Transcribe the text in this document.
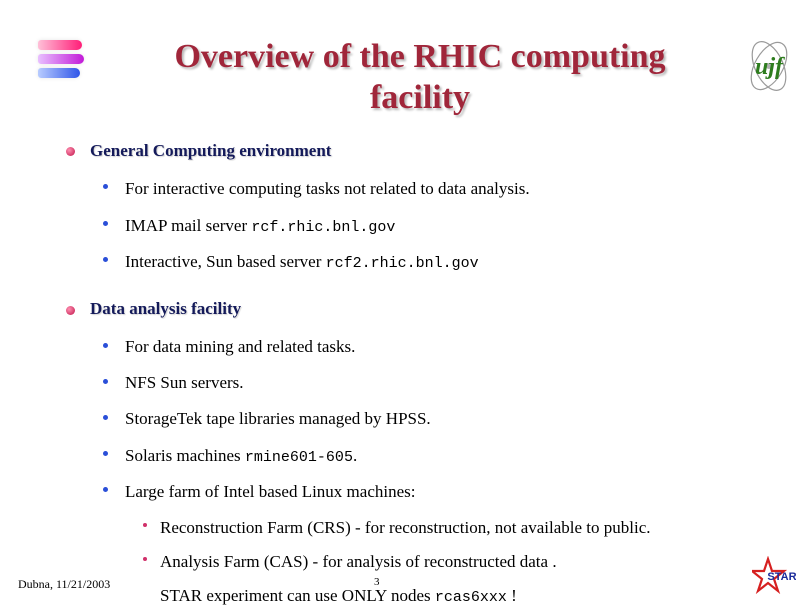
Overview of the RHIC computing
facility
ujf
General Computing environment
For interactive computing tasks not related to data analysis.
IMAP mail server rcf.rhic.bnl.gov
Interactive, Sun based server rcf2.rhic.bnl.gov
Data analysis facility
For data mining and related tasks.
NFS Sun servers.
StorageTek tape libraries managed by HPSS.
Solaris machines rmine601-605.
Large farm of Intel based Linux machines:
Reconstruction Farm (CRS) - for reconstruction, not available to public.
Analysis Farm (CAS) - for analysis of reconstructed data .
STAR experiment can use ONLY nodes rcas6xxx !
Dubna, 11/21/2003	3	STAR
